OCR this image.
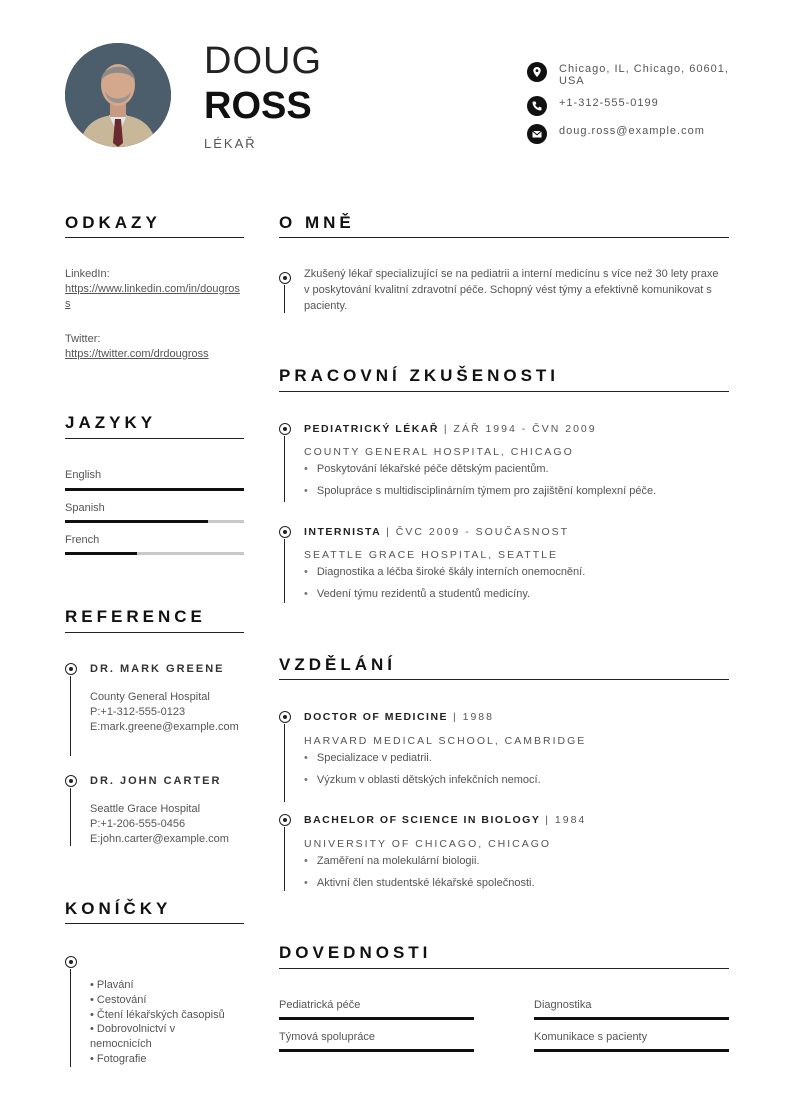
DOUG
ROSS
LÉKAŘ
Chicago, IL, Chicago, 60601, USA
+1-312-555-0199
doug.ross@example.com
ODKAZY
LinkedIn:
https://www.linkedin.com/in/dougross
Twitter:
https://twitter.com/drdougross
JAZYKY
English
Spanish
French
REFERENCE
DR. MARK GREENE
County General Hospital
P:+1-312-555-0123
E:mark.greene@example.com
DR. JOHN CARTER
Seattle Grace Hospital
P:+1-206-555-0456
E:john.carter@example.com
KONÍČKY
• Plavání
• Cestování
• Čtení lékařských časopisů
• Dobrovolnictví v nemocnicích
• Fotografie
O MNĚ
Zkušený lékař specializující se na pediatrii a interní medicínu s více než 30 lety praxe v poskytování kvalitní zdravotní péče. Schopný vést týmy a efektivně komunikovat s pacienty.
PRACOVNÍ ZKUŠENOSTI
PEDIATRICKÝ LÉKAŘ | ZÁŘ 1994 - ČVN 2009
COUNTY GENERAL HOSPITAL, CHICAGO
• Poskytování lékařské péče dětským pacientům.
• Spolupráce s multidisciplinárním týmem pro zajištění komplexní péče.
INTERNISTA | ČVC 2009 - SOUČASNOST
SEATTLE GRACE HOSPITAL, SEATTLE
• Diagnostika a léčba široké škály interních onemocnění.
• Vedení týmu rezidentů a studentů medicíny.
VZDĚLÁNÍ
DOCTOR OF MEDICINE | 1988
HARVARD MEDICAL SCHOOL, CAMBRIDGE
• Specializace v pediatrii.
• Výzkum v oblasti dětských infekčních nemocí.
BACHELOR OF SCIENCE IN BIOLOGY | 1984
UNIVERSITY OF CHICAGO, CHICAGO
• Zaměření na molekulární biologii.
• Aktivní člen studentské lékařské společnosti.
DOVEDNOSTI
Pediatrická péče	Diagnostika
Týmová spolupráce	Komunikace s pacienty
